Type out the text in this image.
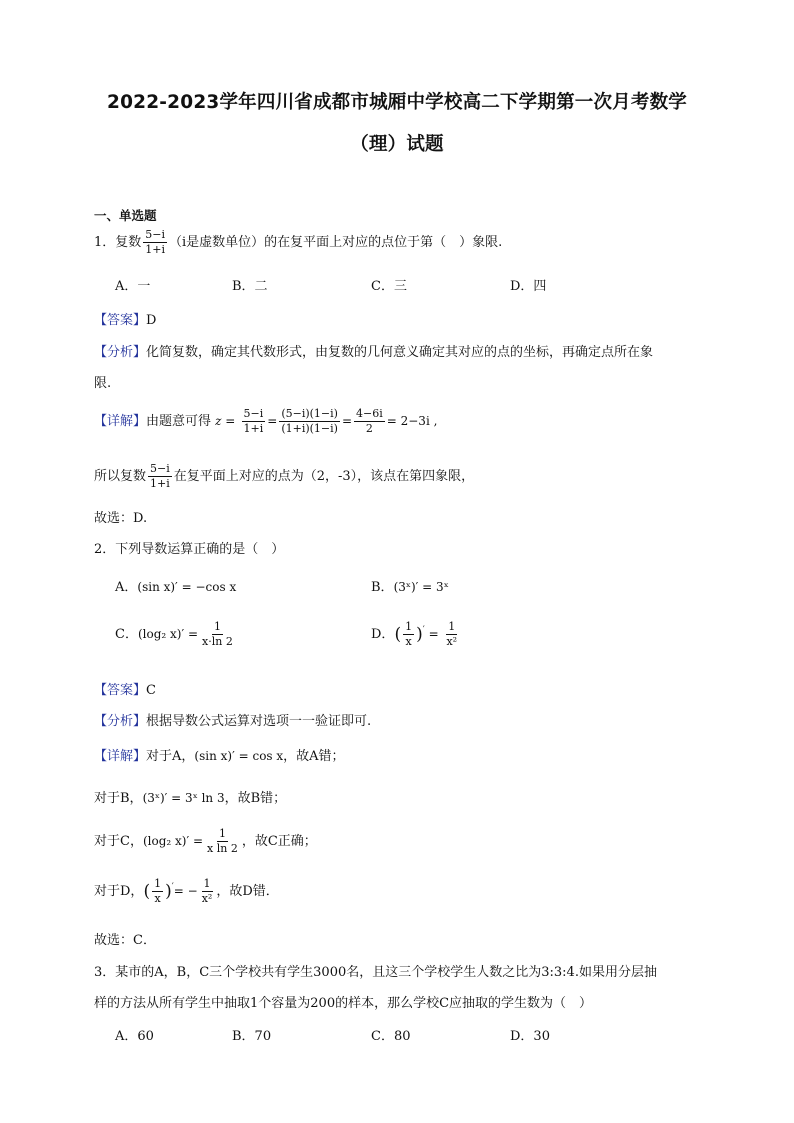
2022-2023学年四川省成都市城厢中学校高二下学期第一次月考数学
（理）试题
一、单选题
1．复数 $\frac{5-i}{1+i} (i$是虚数单位）的在复平面上对应的点位于第（　）象限.
A．一	B．二	C．三	D．四
【答案】D
【分析】化简复数，确定其代数形式，由复数的几何意义确定其对应的点的坐标，再确定点所在象
限.
【详解】由题意可得 $z = \frac{5-i}{1+i} = \frac{(5-i)(1-i)}{(1+i)(1-i)} = \frac{4-6i}{2} = 2-3i$ ,
所以复数 $\frac{5-i}{1+i}$ 在复平面上对应的点为（2，-3），该点在第四象限，
故选：D.
2．下列导数运算正确的是（　）
A．(sin x)′ = −cos x	B．(3ˣ)′ = 3ˣ
C．(log₂ $x)' = \frac{1}{x\cdot\ln 2}$	D．( $\frac{1}{x} )' = \frac{1}{\text{x²}}$
【答案】C
【分析】根据导数公式运算对选项一一验证即可.
【详解】对于A，(sin x)′ = cos x，故A错；
对于B，(3ˣ)′ = 3ˣ ln 3，故B错；
对于C，(log₂ $x)' = \frac{1}{\text{x ln 2}}$ ，故C正确；
对于D，( $\frac{1}{x} )'= - \frac{1}{\text{x²}}$ ，故D错．
故选：C．
3．某市的A，B，C三个学校共有学生3000名，且这三个学校学生人数之比为3:3:4.如果用分层抽
样的方法从所有学生中抽取1个容量为200的样本，那么学校C应抽取的学生数为（　）
A．60	B．70	C．80	D．30
